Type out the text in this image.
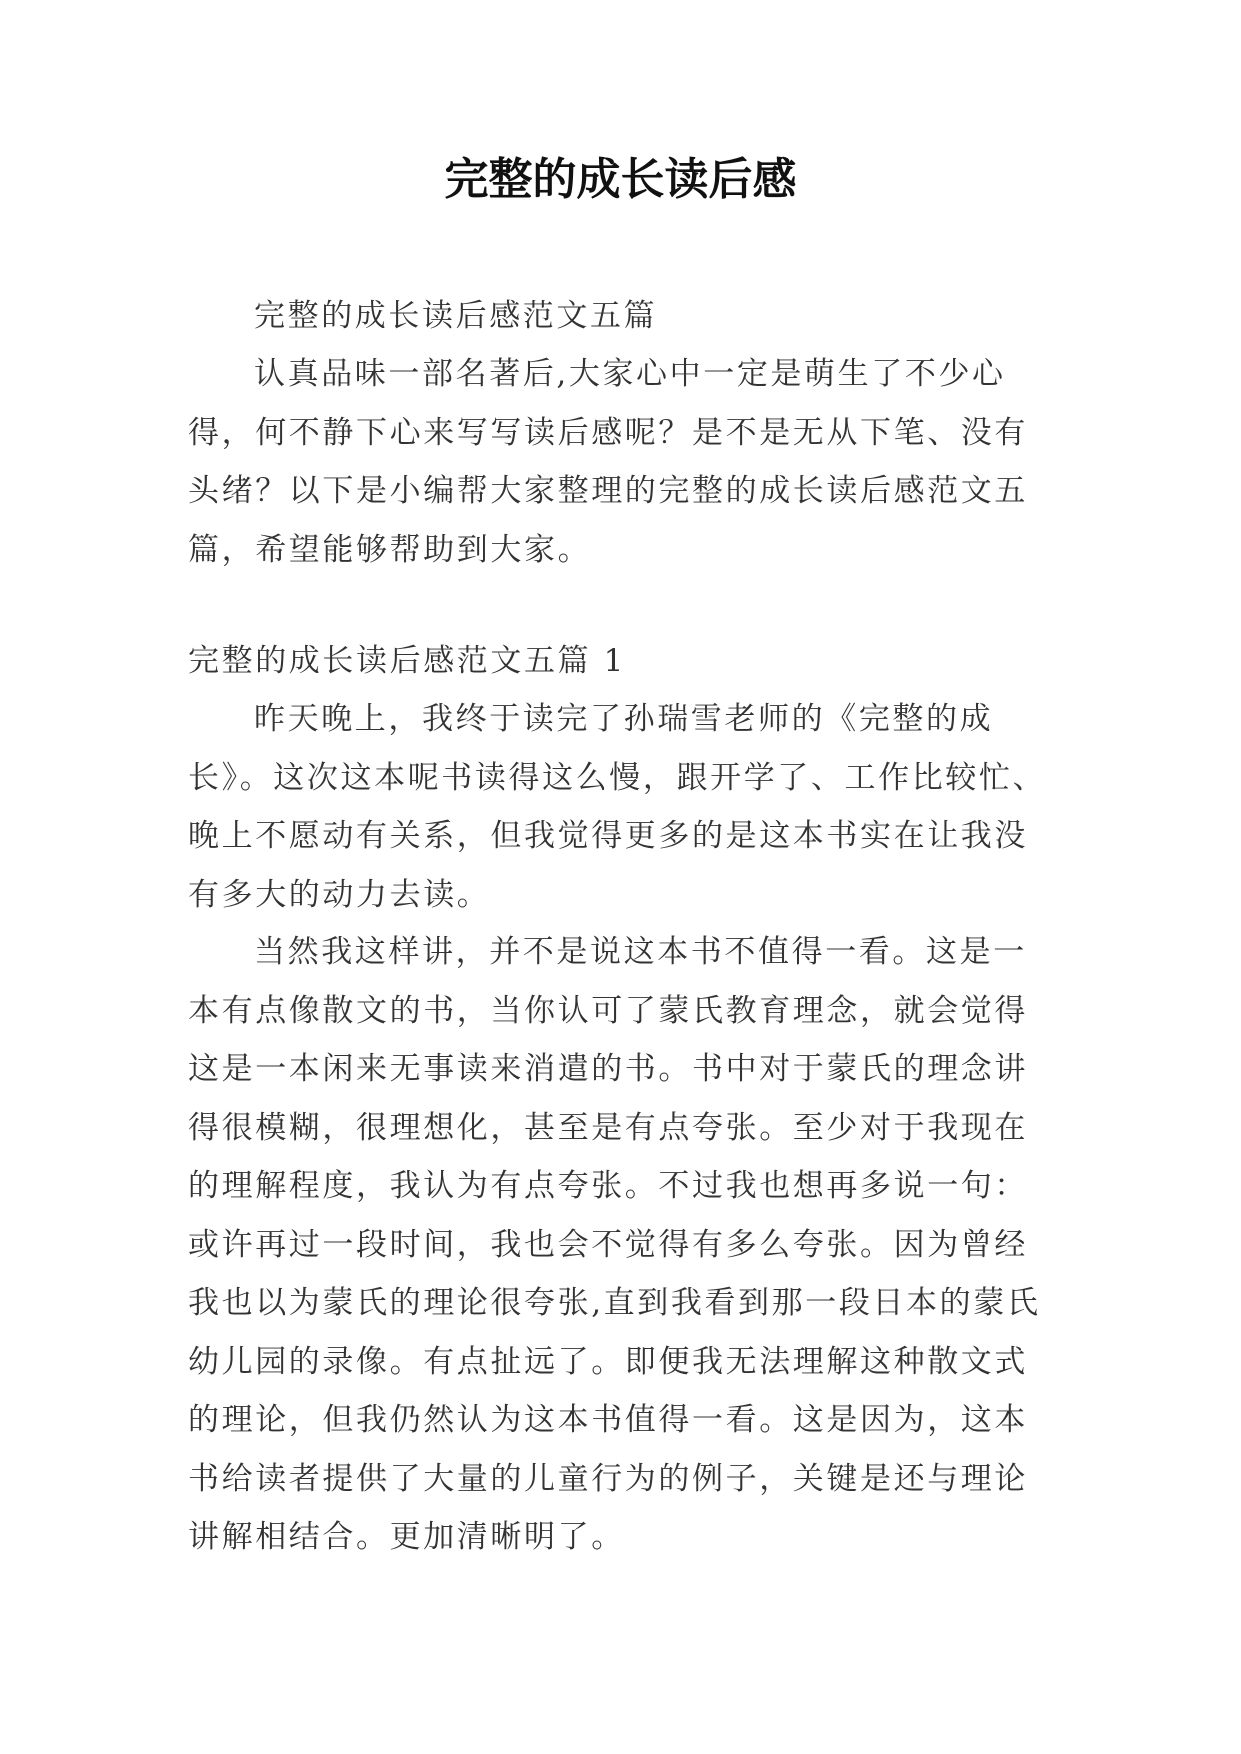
完整的成长读后感

完整的成长读后感范文五篇

认真品味一部名著后,大家心中一定是萌生了不少心得，何不静下心来写写读后感呢？是不是无从下笔、没有头绪？以下是小编帮大家整理的完整的成长读后感范文五篇，希望能够帮助到大家。

完整的成长读后感范文五篇 1

昨天晚上，我终于读完了孙瑞雪老师的《完整的成长》。这次这本呢书读得这么慢，跟开学了、工作比较忙、晚上不愿动有关系，但我觉得更多的是这本书实在让我没有多大的动力去读。

当然我这样讲，并不是说这本书不值得一看。这是一本有点像散文的书，当你认可了蒙氏教育理念，就会觉得这是一本闲来无事读来消遣的书。书中对于蒙氏的理念讲得很模糊，很理想化，甚至是有点夸张。至少对于我现在的理解程度，我认为有点夸张。不过我也想再多说一句：或许再过一段时间，我也会不觉得有多么夸张。因为曾经我也以为蒙氏的理论很夸张,直到我看到那一段日本的蒙氏幼儿园的录像。有点扯远了。即便我无法理解这种散文式的理论，但我仍然认为这本书值得一看。这是因为，这本书给读者提供了大量的儿童行为的例子，关键是还与理论讲解相结合。更加清晰明了。
